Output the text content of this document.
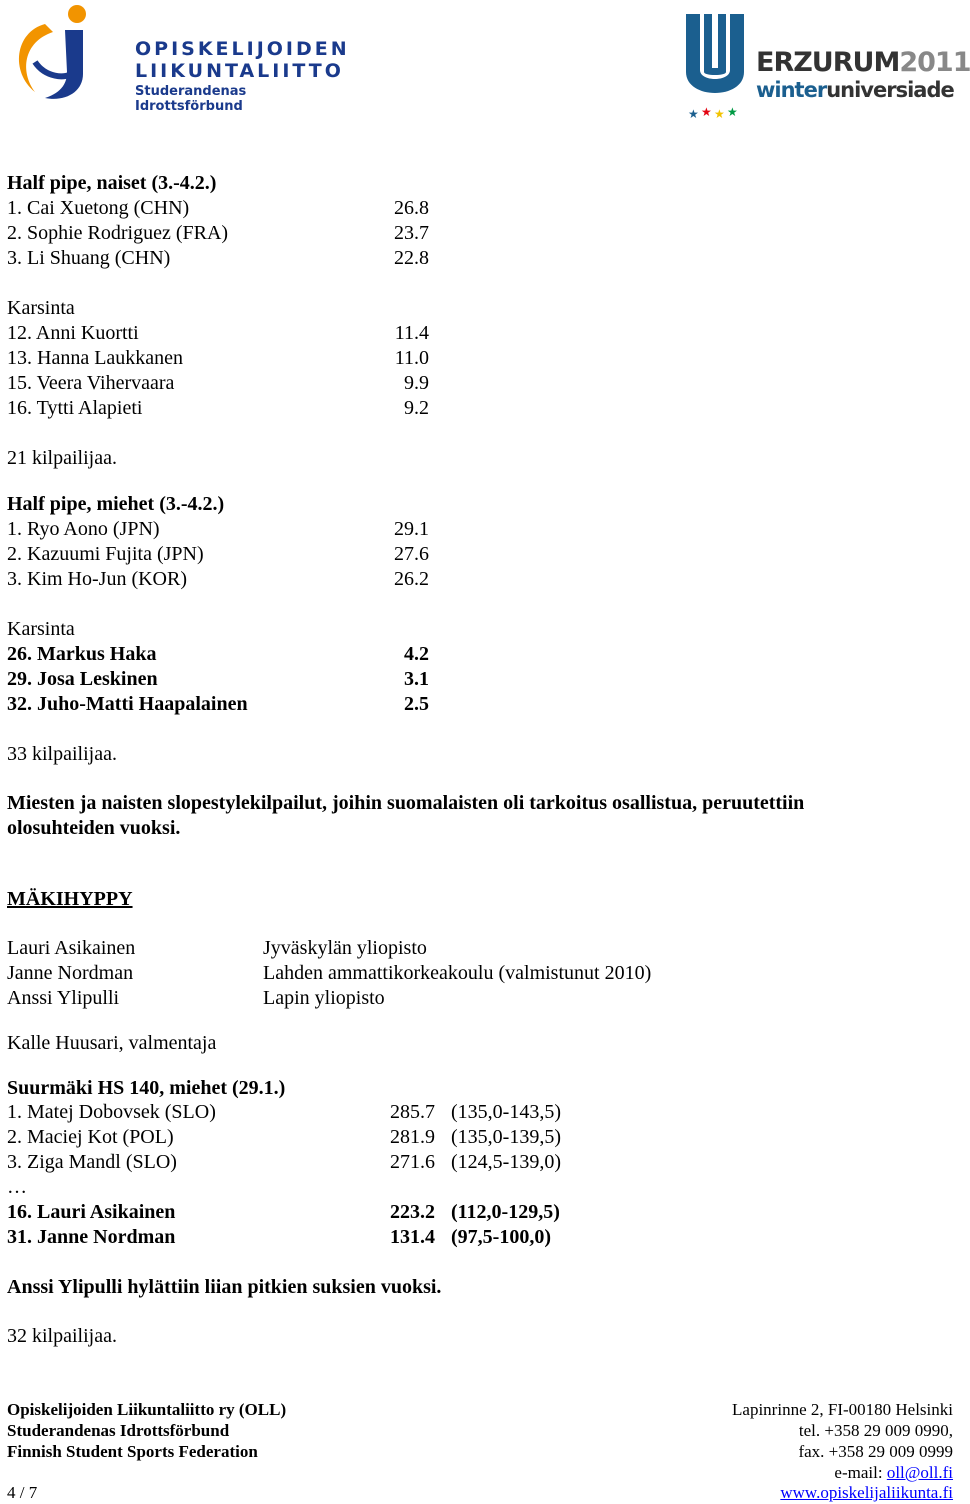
OPISKELIJOIDEN
LIIKUNTALIITTO
Studerandenas Idrottsförbund	★ ★ ★ ★
ERZURUM2011
winteruniversiade
Half pipe, naiset (3.-4.2.)
1. Cai Xuetong (CHN)	26.8
2. Sophie Rodriguez (FRA)	23.7
3. Li Shuang (CHN)	22.8
Karsinta
12. Anni Kuortti	11.4
13. Hanna Laukkanen	11.0
15. Veera Vihervaara	9.9
16. Tytti Alapieti	9.2
21 kilpailijaa.
Half pipe, miehet (3.-4.2.)
1. Ryo Aono (JPN)	29.1
2. Kazuumi Fujita (JPN)	27.6
3. Kim Ho-Jun (KOR)	26.2
Karsinta
26. Markus Haka	4.2
29. Josa Leskinen	3.1
32. Juho-Matti Haapalainen	2.5
33 kilpailijaa.
Miesten ja naisten slopestylekilpailut, joihin suomalaisten oli tarkoitus osallistua, peruutettiin
olosuhteiden vuoksi.
MÄKIHYPPY
Lauri Asikainen	Jyväskylän yliopisto
Janne Nordman	Lahden ammattikorkeakoulu (valmistunut 2010)
Anssi Ylipulli	Lapin yliopisto
Kalle Huusari, valmentaja
Suurmäki HS 140, miehet (29.1.)
1. Matej Dobovsek (SLO)	285.7 (135,0-143,5)
2. Maciej Kot (POL)	281.9 (135,0-139,5)
3. Ziga Mandl (SLO)	271.6 (124,5-139,0)
…
16. Lauri Asikainen	223.2 (112,0-129,5)
31. Janne Nordman	131.4 (97,5-100,0)
Anssi Ylipulli hylättiin liian pitkien suksien vuoksi.
32 kilpailijaa.
Opiskelijoiden Liikuntaliitto ry (OLL)
Studerandenas Idrottsförbund
Finnish Student Sports Federation
4 / 7
Lapinrinne 2, FI-00180 Helsinki
tel. +358 29 009 0990,
fax. +358 29 009 0999
e-mail: oll@oll.fi
www.opiskelijaliikunta.fi
